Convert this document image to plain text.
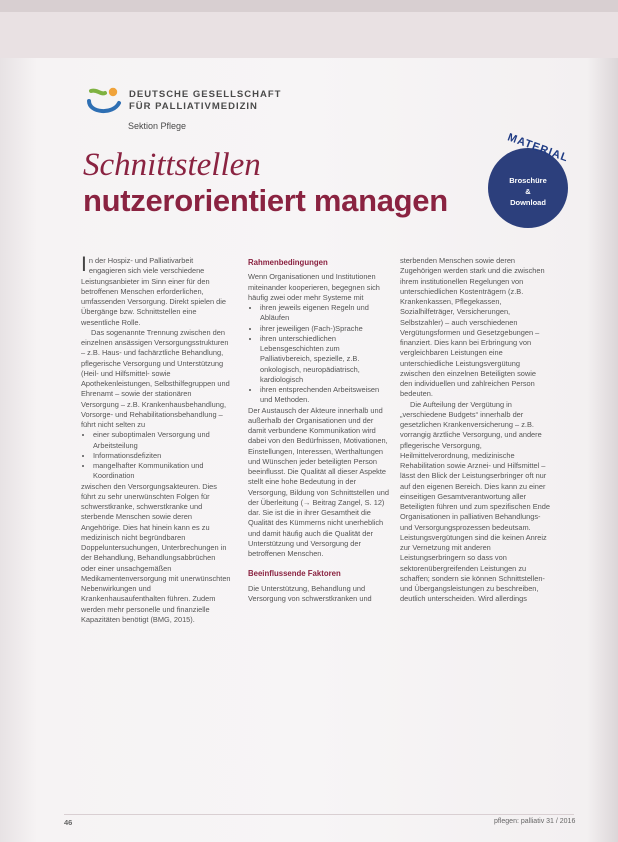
DEUTSCHE GESELLSCHAFT
FÜR PALLIATIVMEDIZIN
Sektion Pflege
Schnittstellen
nutzerorientiert managen
MATERIAL
Broschüre
&
Download

In der Hospiz- und Palliativarbeit engagieren sich viele verschiedene Leistungsanbieter im Sinn einer für den betroffenen Menschen erforderlichen, umfassenden Versorgung. Direkt spielen die Übergänge bzw. Schnittstellen eine wesentliche Rolle.

Das sogenannte Trennung zwischen den einzelnen ansässigen Versorgungsstrukturen – z.B. Haus- und fachärztliche Behandlung, pflegerische Versorgung und Unterstützung (Heil- und Hilfsmittel- sowie Apothekenleistungen, Selbsthilfegruppen und Ehrenamt – sowie der stationären Versorgung – z.B. Krankenhausbehandlung, Vorsorge- und Rehabilitationsbehandlung – führt nicht selten zu

• einer suboptimalen Versorgung und Arbeitsteilung
• Informationsdefiziten
• mangelhafter Kommunikation und Koordination

zwischen den Versorgungsakteuren. Dies führt zu sehr unerwünschten Folgen für schwerstkranke, schwerstkranke und sterbende Menschen sowie deren Angehörige. Dies hat hinein kann es zu medizinisch nicht begründbaren Doppeluntersuchungen, Unterbrechungen in der Behandlung, Behandlungsabbrüchen oder einer unsachgemäßen Medikamentenversorgung mit unerwünschten Nebenwirkungen und Krankenhausaufenthalten führen. Zudem werden mehr personelle und finanzielle Kapazitäten benötigt (BMG, 2015).

Rahmenbedingungen

Wenn Organisationen und Institutionen miteinander kooperieren, begegnen sich häufig zwei oder mehr Systeme mit

• ihren jeweils eigenen Regeln und Abläufen
• ihrer jeweiligen (Fach-)Sprache
• ihren unterschiedlichen Lebensgeschichten zum Palliativbereich, spezielle, z.B. onkologisch, neuropädiatrisch, kardiologisch
• ihren entsprechenden Arbeitsweisen und Methoden.

Der Austausch der Akteure innerhalb und außerhalb der Organisationen und der damit verbundene Kommunikation wird dabei von den Bedürfnissen, Motivationen, Einstellungen, Interessen, Werthaltungen und Wünschen jeder beteiligten Person beeinflusst. Die Qualität all dieser Aspekte stellt eine hohe Bedeutung in der Versorgung, Bildung von Schnittstellen und der Überleitung (→ Beitrag Zangel, S. 12) dar. Sie ist die in ihrer Gesamtheit die Qualität des Kümmerns nicht unerheblich und damit häufig auch die Qualität der Unterstützung und Versorgung der betroffenen Menschen.

Beeinflussende Faktoren

Die Unterstützung, Behandlung und Versorgung von schwerstkranken und

sterbenden Menschen sowie deren Zugehörigen werden stark und die zwischen ihrem institutionellen Regelungen von unterschiedlichen Kostenträgern (z.B. Krankenkassen, Pflegekassen, Sozialhilfeträger, Versicherungen, Selbstzahler) – auch verschiedenen Vergütungsformen und Gesetzgebungen – finanziert. Dies kann bei Erbringung von vergleichbaren Leistungen eine unterschiedliche Leistungsvergütung zwischen den einzelnen Beteiligten sowie den individuellen und zahlreichen Person bedeuten.

Die Aufteilung der Vergütung in „verschiedene Budgets“ innerhalb der gesetzlichen Krankenversicherung – z.B. vorrangig ärztliche Versorgung, und andere pflegerische Versorgung, Heilmittelverordnung, medizinische Rehabilitation sowie Arznei- und Hilfsmittel – lässt den Blick der Leistungserbringer oft nur auf den eigenen Bereich. Dies kann zu einer einseitigen Gesamtverantwortung aller Beteiligten führen und zum spezifischen Ende Organisationen in palliativen Behandlungs- und Versorgungsprozessen bedeutsam. Leistungsvergütungen sind die keinen Anreiz zur Vernetzung mit anderen Leistungserbringern so dass von sektorenübergreifenden Leistungen zu schaffen; sondern sie können Schnittstellen- und Übergangsleistungen zu beschreiben, deutlich unterscheiden. Wird allerdings

46	pflegen: palliativ 31 / 2016
